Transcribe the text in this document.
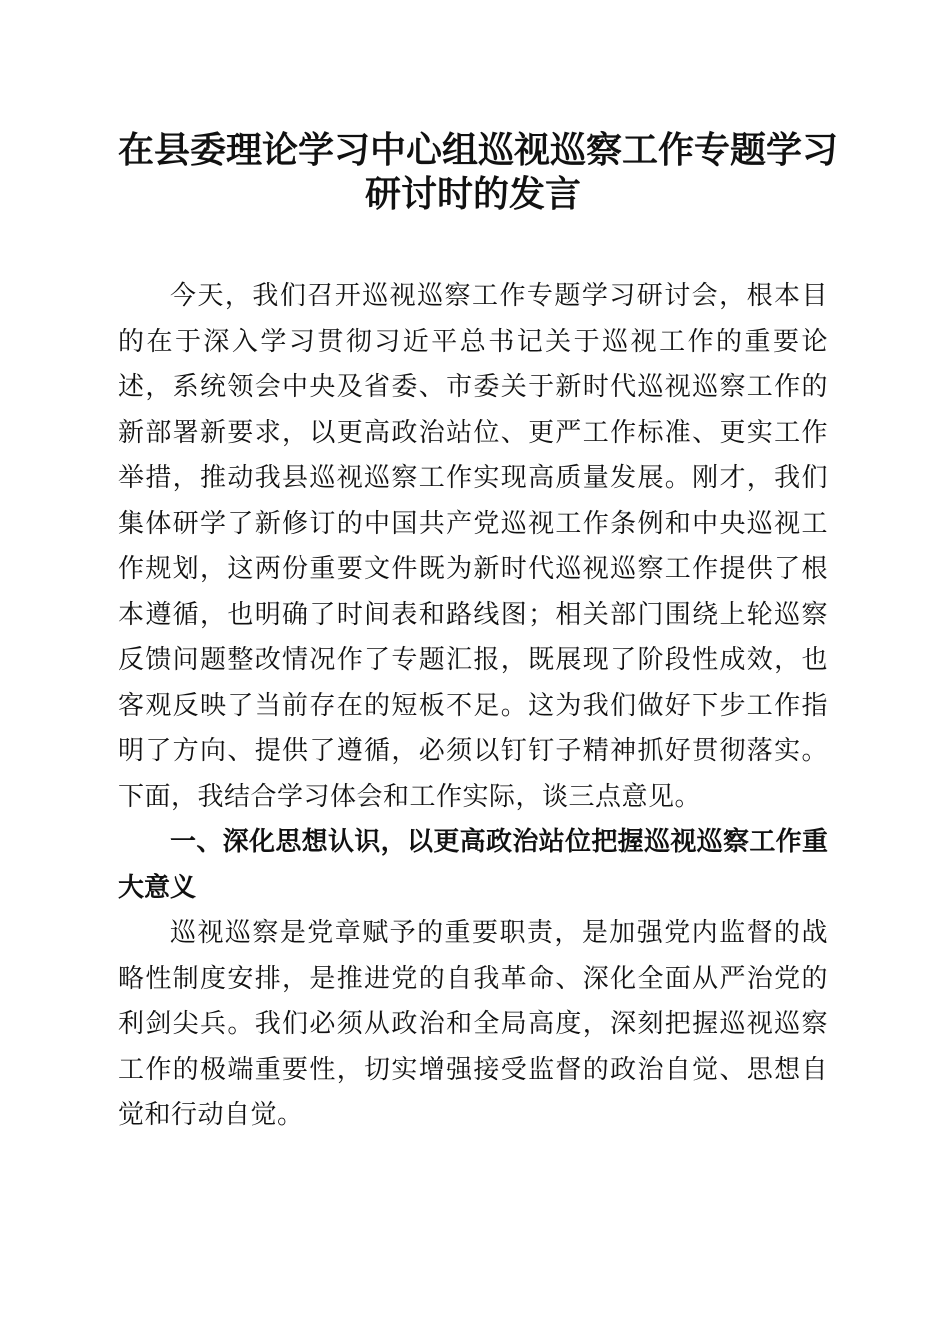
在县委理论学习中心组巡视巡察工作专题学习
研讨时的发言

今天，我们召开巡视巡察工作专题学习研讨会，根本目的在于深入学习贯彻习近平总书记关于巡视工作的重要论述，系统领会中央及省委、市委关于新时代巡视巡察工作的新部署新要求，以更高政治站位、更严工作标准、更实工作举措，推动我县巡视巡察工作实现高质量发展。刚才，我们集体研学了新修订的中国共产党巡视工作条例和中央巡视工作规划，这两份重要文件既为新时代巡视巡察工作提供了根本遵循，也明确了时间表和路线图；相关部门围绕上轮巡察反馈问题整改情况作了专题汇报，既展现了阶段性成效，也客观反映了当前存在的短板不足。这为我们做好下步工作指明了方向、提供了遵循，必须以钉钉子精神抓好贯彻落实。下面，我结合学习体会和工作实际，谈三点意见。

一、深化思想认识，以更高政治站位把握巡视巡察工作重大意义

巡视巡察是党章赋予的重要职责，是加强党内监督的战略性制度安排，是推进党的自我革命、深化全面从严治党的利剑尖兵。我们必须从政治和全局高度，深刻把握巡视巡察工作的极端重要性，切实增强接受监督的政治自觉、思想自觉和行动自觉。
